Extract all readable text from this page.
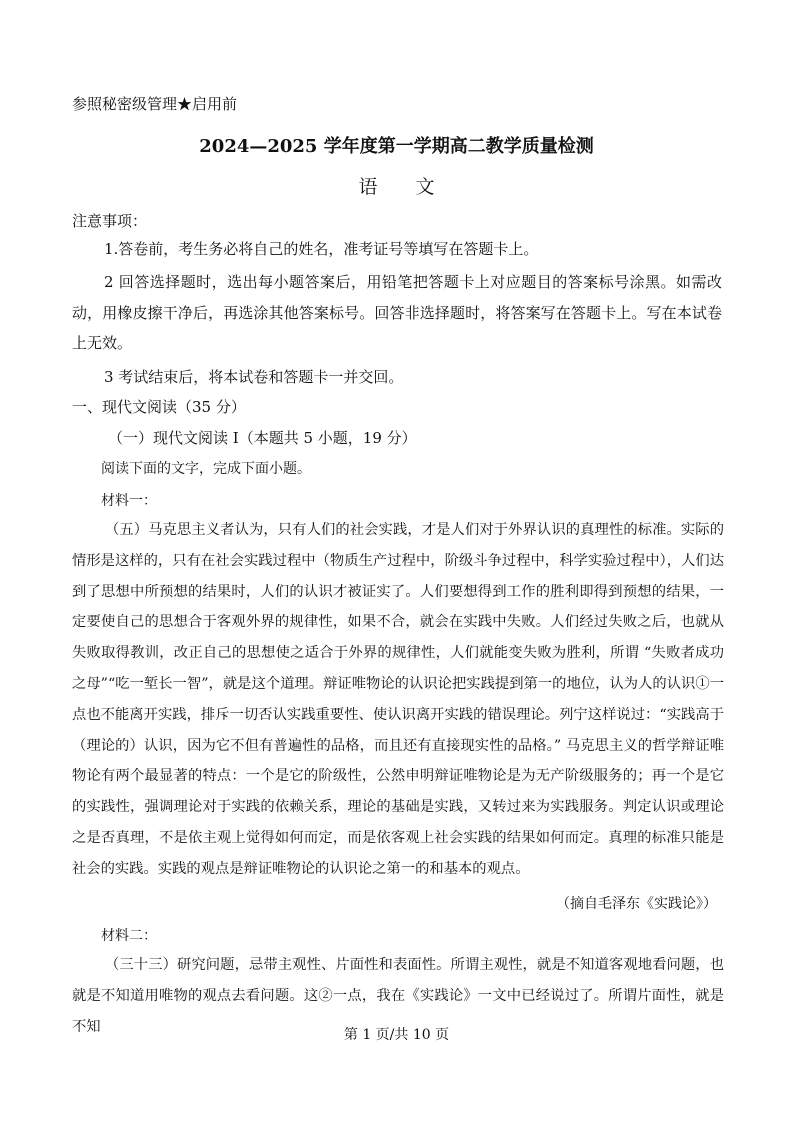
参照秘密级管理★启用前
2024—2025 学年度第一学期高二教学质量检测
语　　文
注意事项：
1.答卷前，考生务必将自己的姓名，准考证号等填写在答题卡上。
2 回答选择题时，选出每小题答案后，用铅笔把答题卡上对应题目的答案标号涂黑。如需改动，用橡皮擦干净后，再选涂其他答案标号。回答非选择题时，将答案写在答题卡上。写在本试卷上无效。
3 考试结束后，将本试卷和答题卡一并交回。
一、现代文阅读（35 分）
（一）现代文阅读 I（本题共 5 小题，19 分）
阅读下面的文字，完成下面小题。
材料一：
（五）马克思主义者认为，只有人们的社会实践，才是人们对于外界认识的真理性的标准。实际的情形是这样的，只有在社会实践过程中（物质生产过程中，阶级斗争过程中，科学实验过程中），人们达到了思想中所预想的结果时，人们的认识才被证实了。人们要想得到工作的胜利即得到预想的结果，一定要使自己的思想合于客观外界的规律性，如果不合，就会在实践中失败。人们经过失败之后，也就从失败取得教训，改正自己的思想使之适合于外界的规律性，人们就能变失败为胜利，所谓 “失败者成功之母”“吃一堑长一智”，就是这个道理。辩证唯物论的认识论把实践提到第一的地位，认为人的认识①一点也不能离开实践，排斥一切否认实践重要性、使认识离开实践的错误理论。列宁这样说过：“实践高于（理论的）认识，因为它不但有普遍性的品格，而且还有直接现实性的品格。” 马克思主义的哲学辩证唯物论有两个最显著的特点：一个是它的阶级性，公然申明辩证唯物论是为无产阶级服务的；再一个是它的实践性，强调理论对于实践的依赖关系，理论的基础是实践，又转过来为实践服务。判定认识或理论之是否真理，不是依主观上觉得如何而定，而是依客观上社会实践的结果如何而定。真理的标准只能是社会的实践。实践的观点是辩证唯物论的认识论之第一的和基本的观点。
（摘自毛泽东《实践论》）
材料二：
（三十三）研究问题，忌带主观性、片面性和表面性。所谓主观性，就是不知道客观地看问题，也就是不知道用唯物的观点去看问题。这②一点，我在《实践论》一文中已经说过了。所谓片面性，就是不知
第 1 页/共 10 页
